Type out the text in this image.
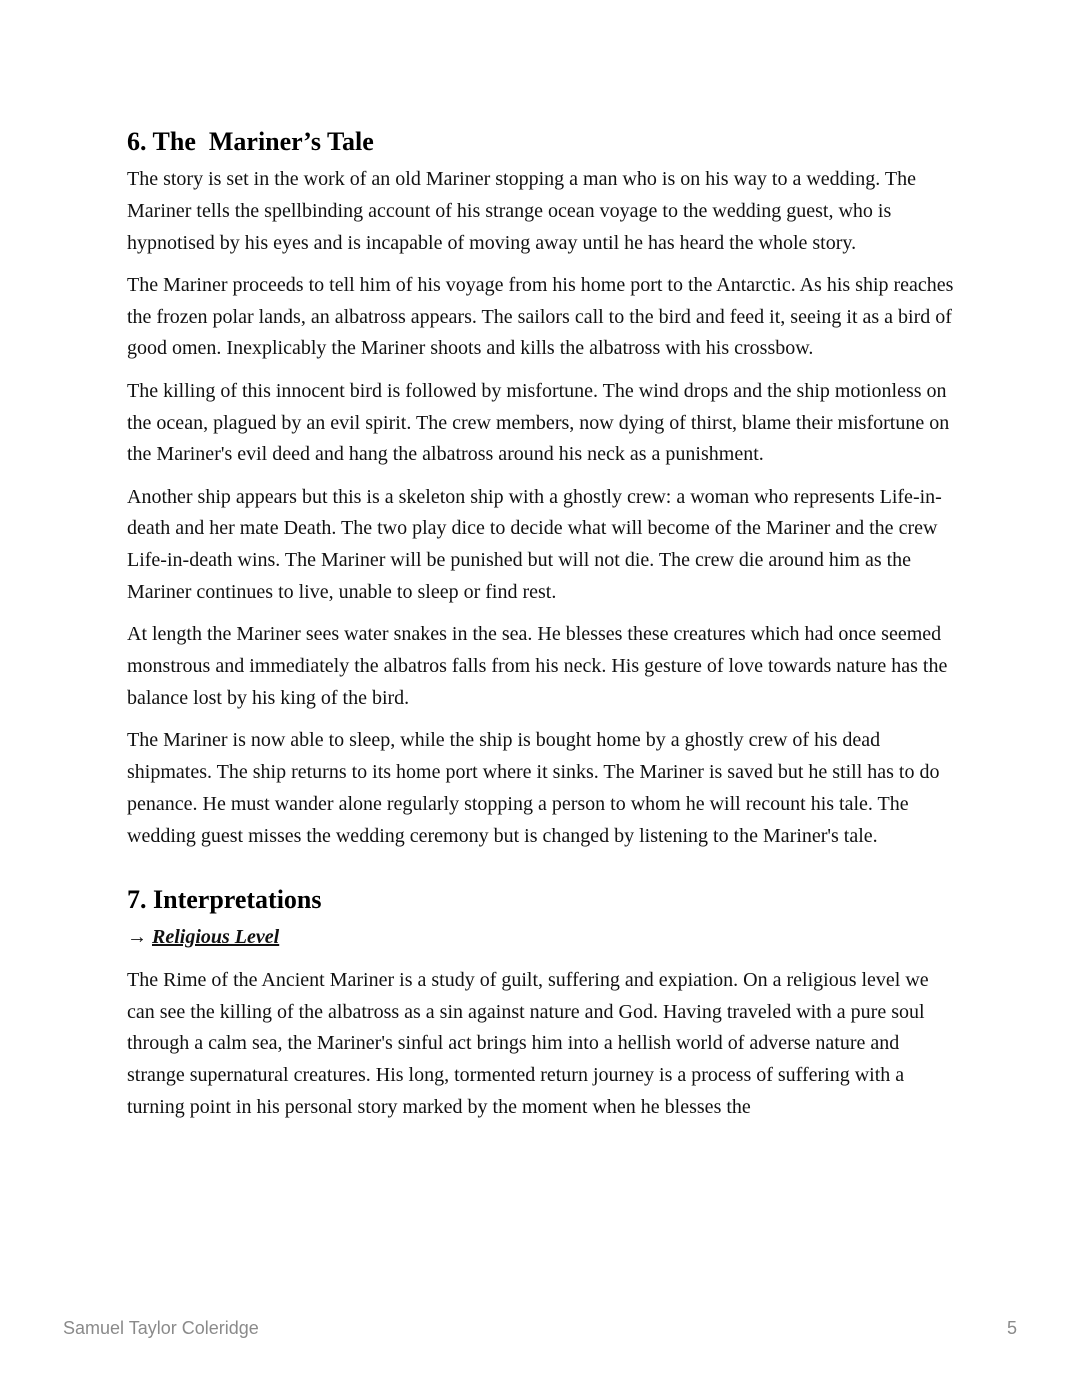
6. The  Mariner’s Tale

The story is set in the work of an old Mariner stopping a man who is on his way to a wedding. The Mariner tells the spellbinding account of his strange ocean voyage to the wedding guest, who is hypnotised by his eyes and is incapable of moving away until he has heard the whole story.

The Mariner proceeds to tell him of his voyage from his home port to the Antarctic. As his ship reaches the frozen polar lands, an albatross appears. The sailors call to the bird and feed it, seeing it as a bird of good omen. Inexplicably the Mariner shoots and kills the albatross with his crossbow.

The killing of this innocent bird is followed by misfortune. The wind drops and the ship motionless on the ocean, plagued by an evil spirit. The crew members, now dying of thirst, blame their misfortune on the Mariner's evil deed and hang the albatross around his neck as a punishment.

Another ship appears but this is a skeleton ship with a ghostly crew: a woman who represents Life-in-death and her mate Death. The two play dice to decide what will become of the Mariner and the crew Life-in-death wins. The Mariner will be punished but will not die. The crew die around him as the Mariner continues to live, unable to sleep or find rest.

At length the Mariner sees water snakes in the sea. He blesses these creatures which had once seemed monstrous and immediately the albatros falls from his neck. His gesture of love towards nature has the balance lost by his king of the bird.

The Mariner is now able to sleep, while the ship is bought home by a ghostly crew of his dead shipmates. The ship returns to its home port where it sinks. The Mariner is saved but he still has to do penance. He must wander alone regularly stopping a person to whom he will recount his tale. The wedding guest misses the wedding ceremony but is changed by listening to the Mariner's tale.

7. Interpretations
→ Religious Level

The Rime of the Ancient Mariner is a study of guilt, suffering and expiation. On a religious level we can see the killing of the albatross as a sin against nature and God. Having traveled with a pure soul through a calm sea, the Mariner's sinful act brings him into a hellish world of adverse nature and strange supernatural creatures. His long, tormented return journey is a process of suffering with a turning point in his personal story marked by the moment when he blesses the

Samuel Taylor Coleridge	5
